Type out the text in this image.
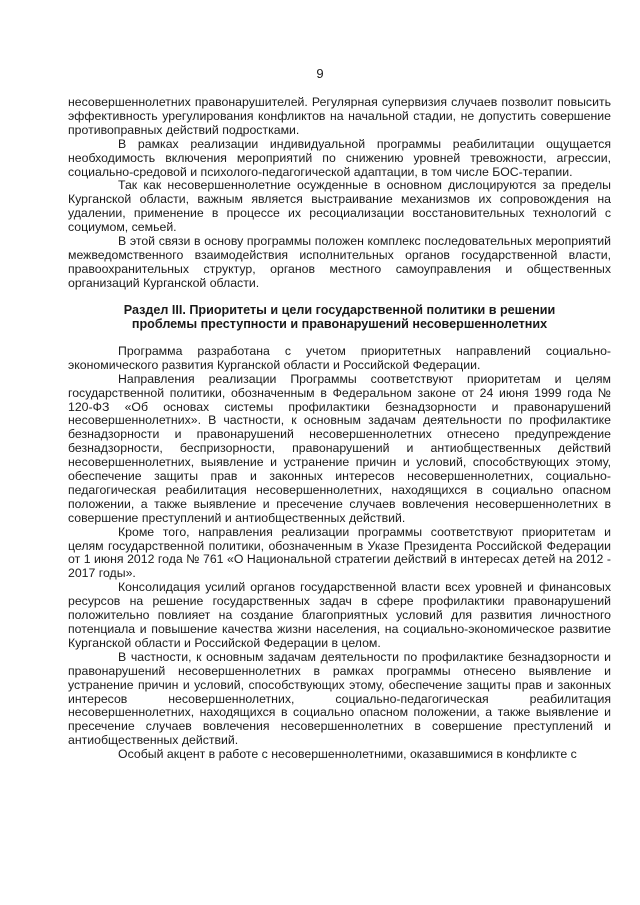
9

несовершеннолетних правонарушителей. Регулярная супервизия случаев позволит повысить эффективность урегулирования конфликтов на начальной стадии, не допустить совершение противоправных действий подростками.

В рамках реализации индивидуальной программы реабилитации ощущается необходимость включения мероприятий по снижению уровней тревожности, агрессии, социально-средовой и психолого-педагогической адаптации, в том числе БОС-терапии.

Так как несовершеннолетние осужденные в основном дислоцируются за пределы Курганской области, важным является выстраивание механизмов их сопровождения на удалении, применение в процессе их ресоциализации восстановительных технологий с социумом, семьей.

В этой связи в основу программы положен комплекс последовательных мероприятий межведомственного взаимодействия исполнительных органов государственной власти, правоохранительных структур, органов местного самоуправления и общественных организаций Курганской области.

Раздел III. Приоритеты и цели государственной политики в решении
проблемы преступности и правонарушений несовершеннолетних

Программа разработана с учетом приоритетных направлений социально-экономического развития Курганской области и Российской Федерации.

Направления реализации Программы соответствуют приоритетам и целям государственной политики, обозначенным в Федеральном законе от 24 июня 1999 года № 120-ФЗ «Об основах системы профилактики безнадзорности и правонарушений несовершеннолетних». В частности, к основным задачам деятельности по профилактике безнадзорности и правонарушений несовершеннолетних отнесено предупреждение безнадзорности, беспризорности, правонарушений и антиобщественных действий несовершеннолетних, выявление и устранение причин и условий, способствующих этому, обеспечение защиты прав и законных интересов несовершеннолетних, социально-педагогическая реабилитация несовершеннолетних, находящихся в социально опасном положении, а также выявление и пресечение случаев вовлечения несовершеннолетних в совершение преступлений и антиобщественных действий.

Кроме того, направления реализации программы соответствуют приоритетам и целям государственной политики, обозначенным в Указе Президента Российской Федерации от 1 июня 2012 года № 761 «О Национальной стратегии действий в интересах детей на 2012 - 2017 годы».

Консолидация усилий органов государственной власти всех уровней и финансовых ресурсов на решение государственных задач в сфере профилактики правонарушений положительно повлияет на создание благоприятных условий для развития личностного потенциала и повышение качества жизни населения, на социально-экономическое развитие Курганской области и Российской Федерации в целом.

В частности, к основным задачам деятельности по профилактике безнадзорности и правонарушений несовершеннолетних в рамках программы отнесено выявление и устранение причин и условий, способствующих этому, обеспечение защиты прав и законных интересов несовершеннолетних, социально-педагогическая реабилитация несовершеннолетних, находящихся в социально опасном положении, а также выявление и пресечение случаев вовлечения несовершеннолетних в совершение преступлений и антиобщественных действий.

Особый акцент в работе с несовершеннолетними, оказавшимися в конфликте с
